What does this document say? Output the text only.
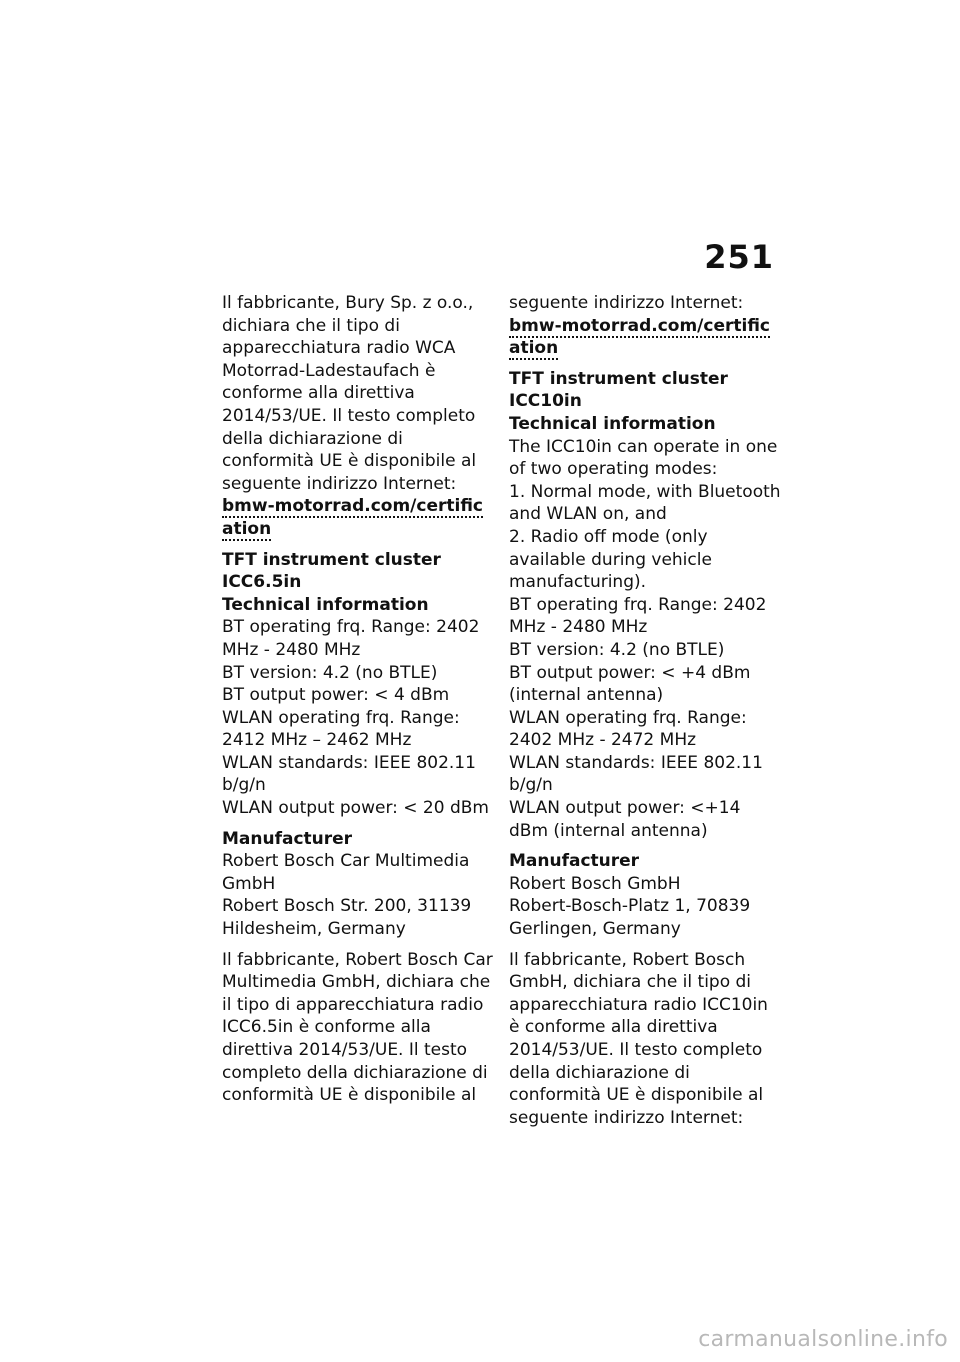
251

Il fabbricante, Bury Sp. z o.o., dichiara che il tipo di apparecchiatura radio WCA Motorrad-Ladestaufach è conforme alla direttiva 2014/53/UE. Il testo completo della dichiarazione di conformità UE è disponibile al seguente indirizzo Internet:

bmw-motorrad.com/certification

TFT instrument cluster ICC6.5in
Technical information

BT operating frq. Range: 2402 MHz - 2480 MHz

BT version: 4.2 (no BTLE)

BT output power: < 4 dBm

WLAN operating frq. Range: 2412 MHz – 2462 MHz

WLAN standards: IEEE 802.11 b/g/n

WLAN output power: < 20 dBm

Manufacturer

Robert Bosch Car Multimedia GmbH

Robert Bosch Str. 200, 31139 Hildesheim, Germany

Il fabbricante, Robert Bosch Car Multimedia GmbH, dichiara che il tipo di apparecchiatura radio ICC6.5in è conforme alla direttiva 2014/53/UE. Il testo completo della dichiarazione di conformità UE è disponibile al

seguente indirizzo Internet:

bmw-motorrad.com/certification

TFT instrument cluster ICC10in
Technical information

The ICC10in can operate in one of two operating modes:

1. Normal mode, with Bluetooth and WLAN on, and

2. Radio off mode (only available during vehicle manufacturing).

BT operating frq. Range: 2402 MHz - 2480 MHz

BT version: 4.2 (no BTLE)

BT output power: < +4 dBm (internal antenna)

WLAN operating frq. Range: 2402 MHz - 2472 MHz

WLAN standards: IEEE 802.11 b/g/n

WLAN output power: <+14 dBm (internal antenna)

Manufacturer

Robert Bosch GmbH

Robert-Bosch-Platz 1, 70839 Gerlingen, Germany

Il fabbricante, Robert Bosch GmbH, dichiara che il tipo di apparecchiatura radio ICC10in è conforme alla direttiva 2014/53/UE. Il testo completo della dichiarazione di conformità UE è disponibile al seguente indirizzo Internet:

carmanualsonline.info
